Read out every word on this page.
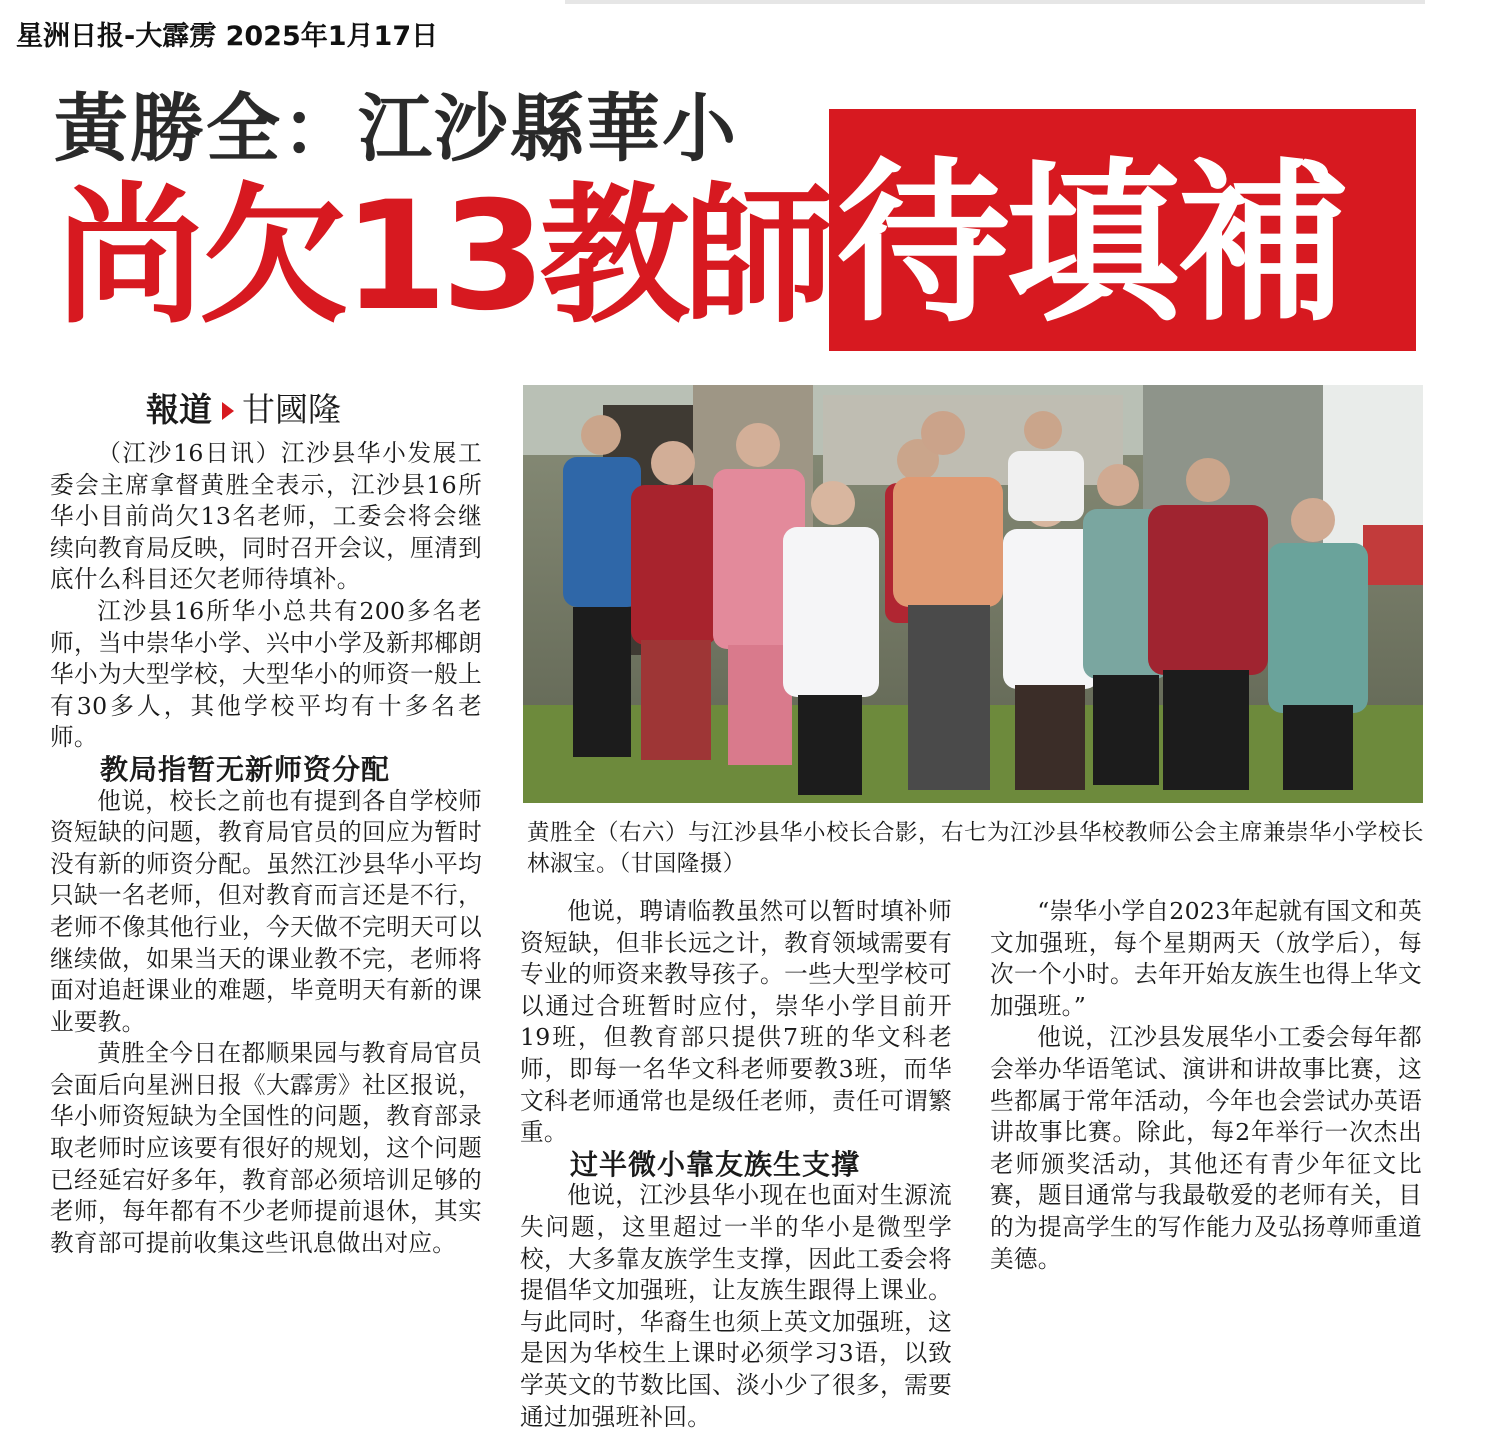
星洲日报-大霹雳 2025年1月17日
黃勝全：江沙縣華小
尚欠13教師 待填補
報道 甘國隆
黄胜全（右六）与江沙县华小校长合影，右七为江沙县华校教师公会主席兼崇华小学校长林淑宝。（甘国隆摄）

（江沙16日讯）江沙县华小发展工委会主席拿督黄胜全表示，江沙县16所华小目前尚欠13名老师，工委会将会继续向教育局反映，同时召开会议，厘清到底什么科目还欠老师待填补。

江沙县16所华小总共有200多名老师，当中崇华小学、兴中小学及新邦椰朗华小为大型学校，大型华小的师资一般上有30多人，其他学校平均有十多名老师。

教局指暂无新师资分配

他说，校长之前也有提到各自学校师资短缺的问题，教育局官员的回应为暂时没有新的师资分配。虽然江沙县华小平均只缺一名老师，但对教育而言还是不行，老师不像其他行业，今天做不完明天可以继续做，如果当天的课业教不完，老师将面对追赶课业的难题，毕竟明天有新的课业要教。

黄胜全今日在都顺果园与教育局官员会面后向星洲日报《大霹雳》社区报说，华小师资短缺为全国性的问题，教育部录取老师时应该要有很好的规划，这个问题已经延宕好多年，教育部必须培训足够的老师，每年都有不少老师提前退休，其实教育部可提前收集这些讯息做出对应。

他说，聘请临教虽然可以暂时填补师资短缺，但非长远之计，教育领域需要有专业的师资来教导孩子。一些大型学校可以通过合班暂时应付，崇华小学目前开19班，但教育部只提供7班的华文科老师，即每一名华文科老师要教3班，而华文科老师通常也是级任老师，责任可谓繁重。

过半微小靠友族生支撑

他说，江沙县华小现在也面对生源流失问题，这里超过一半的华小是微型学校，大多靠友族学生支撑，因此工委会将提倡华文加强班，让友族生跟得上课业。与此同时，华裔生也须上英文加强班，这是因为华校生上课时必须学习3语，以致学英文的节数比国、淡小少了很多，需要通过加强班补回。

“崇华小学自2023年起就有国文和英文加强班，每个星期两天（放学后），每次一个小时。去年开始友族生也得上华文加强班。”

他说，江沙县发展华小工委会每年都会举办华语笔试、演讲和讲故事比赛，这些都属于常年活动，今年也会尝试办英语讲故事比赛。除此，每2年举行一次杰出老师颁奖活动，其他还有青少年征文比赛，题目通常与我最敬爱的老师有关，目的为提高学生的写作能力及弘扬尊师重道美德。
